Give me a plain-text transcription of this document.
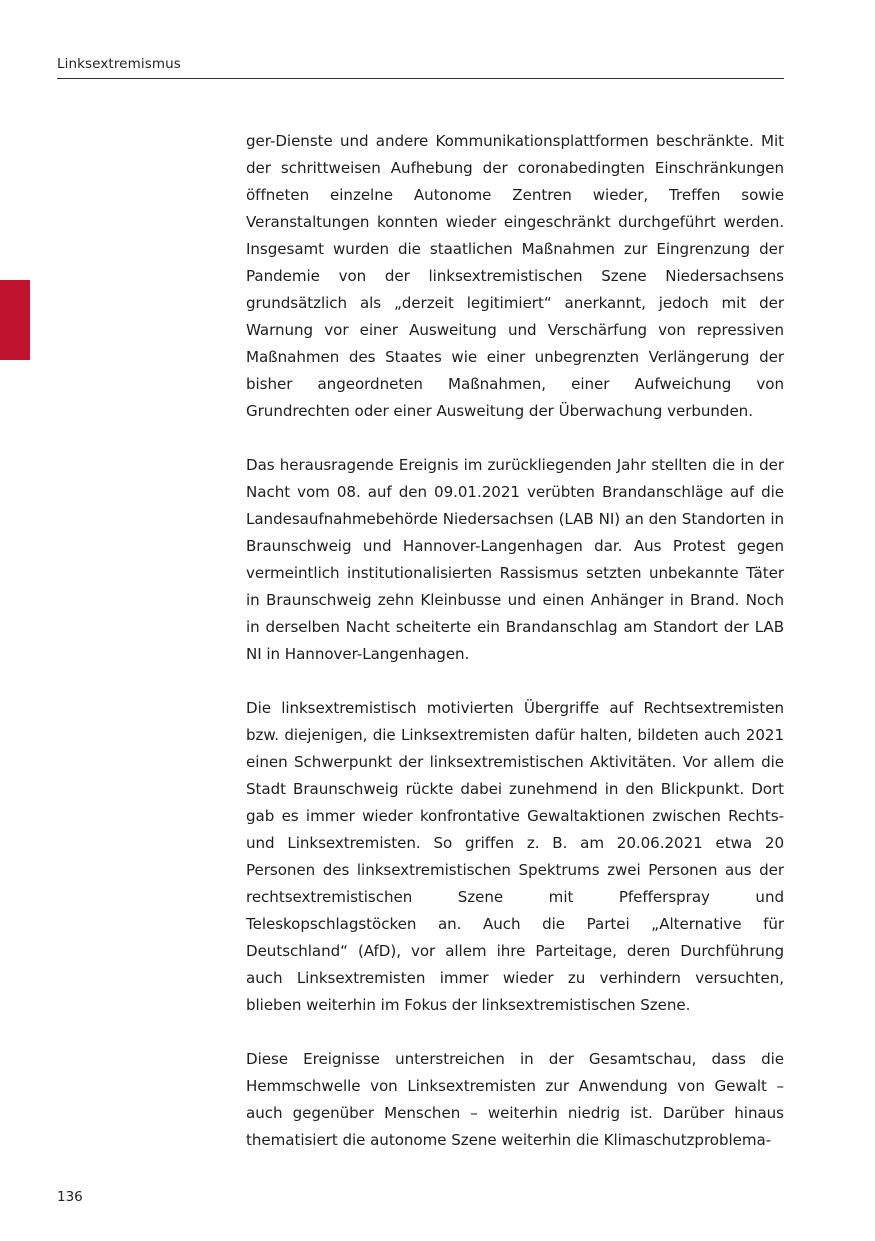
Linksextremismus

ger-Dienste und andere Kommunikationsplattformen beschränkte. Mit der schrittweisen Aufhebung der coronabedingten Einschränkungen öffneten einzelne Autonome Zentren wieder, Treffen sowie Veranstaltungen konnten wieder eingeschränkt durchgeführt werden. Insgesamt wurden die staatlichen Maßnahmen zur Eingrenzung der Pandemie von der linksextremistischen Szene Niedersachsens grundsätzlich als „derzeit legitimiert“ anerkannt, jedoch mit der Warnung vor einer Ausweitung und Verschärfung von repressiven Maßnahmen des Staates wie einer unbegrenzten Verlängerung der bisher angeordneten Maßnahmen, einer Aufweichung von Grundrechten oder einer Ausweitung der Überwachung verbunden.

Das herausragende Ereignis im zurückliegenden Jahr stellten die in der Nacht vom 08. auf den 09.01.2021 verübten Brandanschläge auf die Landesaufnahmebehörde Niedersachsen (LAB NI) an den Standorten in Braunschweig und Hannover-Langenhagen dar. Aus Protest gegen vermeintlich institutionalisierten Rassismus setzten unbekannte Täter in Braunschweig zehn Kleinbusse und einen Anhänger in Brand. Noch in derselben Nacht scheiterte ein Brandanschlag am Standort der LAB NI in Hannover-Langenhagen.

Die linksextremistisch motivierten Übergriffe auf Rechtsextremisten bzw. diejenigen, die Linksextremisten dafür halten, bildeten auch 2021 einen Schwerpunkt der linksextremistischen Aktivitäten. Vor allem die Stadt Braunschweig rückte dabei zunehmend in den Blickpunkt. Dort gab es immer wieder konfrontative Gewaltaktionen zwischen Rechts- und Linksextremisten. So griffen z. B. am 20.06.2021 etwa 20 Personen des linksextremistischen Spektrums zwei Personen aus der rechtsextremistischen Szene mit Pfefferspray und Teleskopschlagstöcken an. Auch die Partei „Alternative für Deutschland“ (AfD), vor allem ihre Parteitage, deren Durchführung auch Linksextremisten immer wieder zu verhindern versuchten, blieben weiterhin im Fokus der linksextremistischen Szene.

Diese Ereignisse unterstreichen in der Gesamtschau, dass die Hemmschwelle von Linksextremisten zur Anwendung von Gewalt – auch gegenüber Menschen – weiterhin niedrig ist. Darüber hinaus thematisiert die autonome Szene weiterhin die Klimaschutzproblema-

136
